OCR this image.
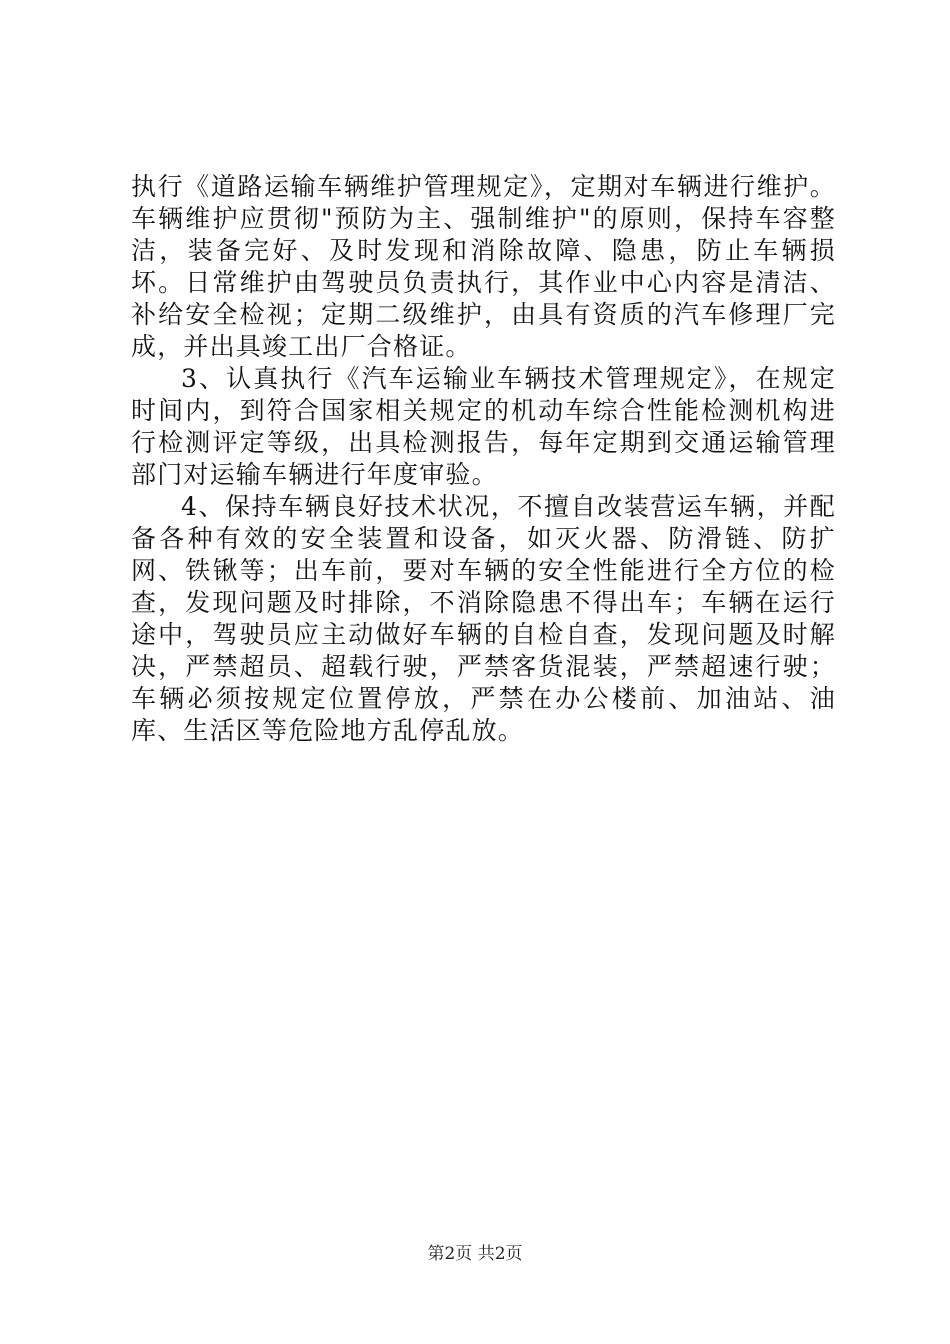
执行《道路运输车辆维护管理规定》，定期对车辆进行维护。车辆维护应贯彻"预防为主、强制维护"的原则，保持车容整洁，装备完好、及时发现和消除故障、隐患，防止车辆损坏。日常维护由驾驶员负责执行，其作业中心内容是清洁、补给安全检视；定期二级维护，由具有资质的汽车修理厂完成，并出具竣工出厂合格证。

3、认真执行《汽车运输业车辆技术管理规定》，在规定时间内，到符合国家相关规定的机动车综合性能检测机构进行检测评定等级，出具检测报告，每年定期到交通运输管理部门对运输车辆进行年度审验。

4、保持车辆良好技术状况，不擅自改装营运车辆，并配备各种有效的安全装置和设备，如灭火器、防滑链、防扩网、铁锹等；出车前，要对车辆的安全性能进行全方位的检查，发现问题及时排除，不消除隐患不得出车；车辆在运行途中，驾驶员应主动做好车辆的自检自查，发现问题及时解决，严禁超员、超载行驶，严禁客货混装，严禁超速行驶；车辆必须按规定位置停放，严禁在办公楼前、加油站、油库、生活区等危险地方乱停乱放。

第2页 共2页
